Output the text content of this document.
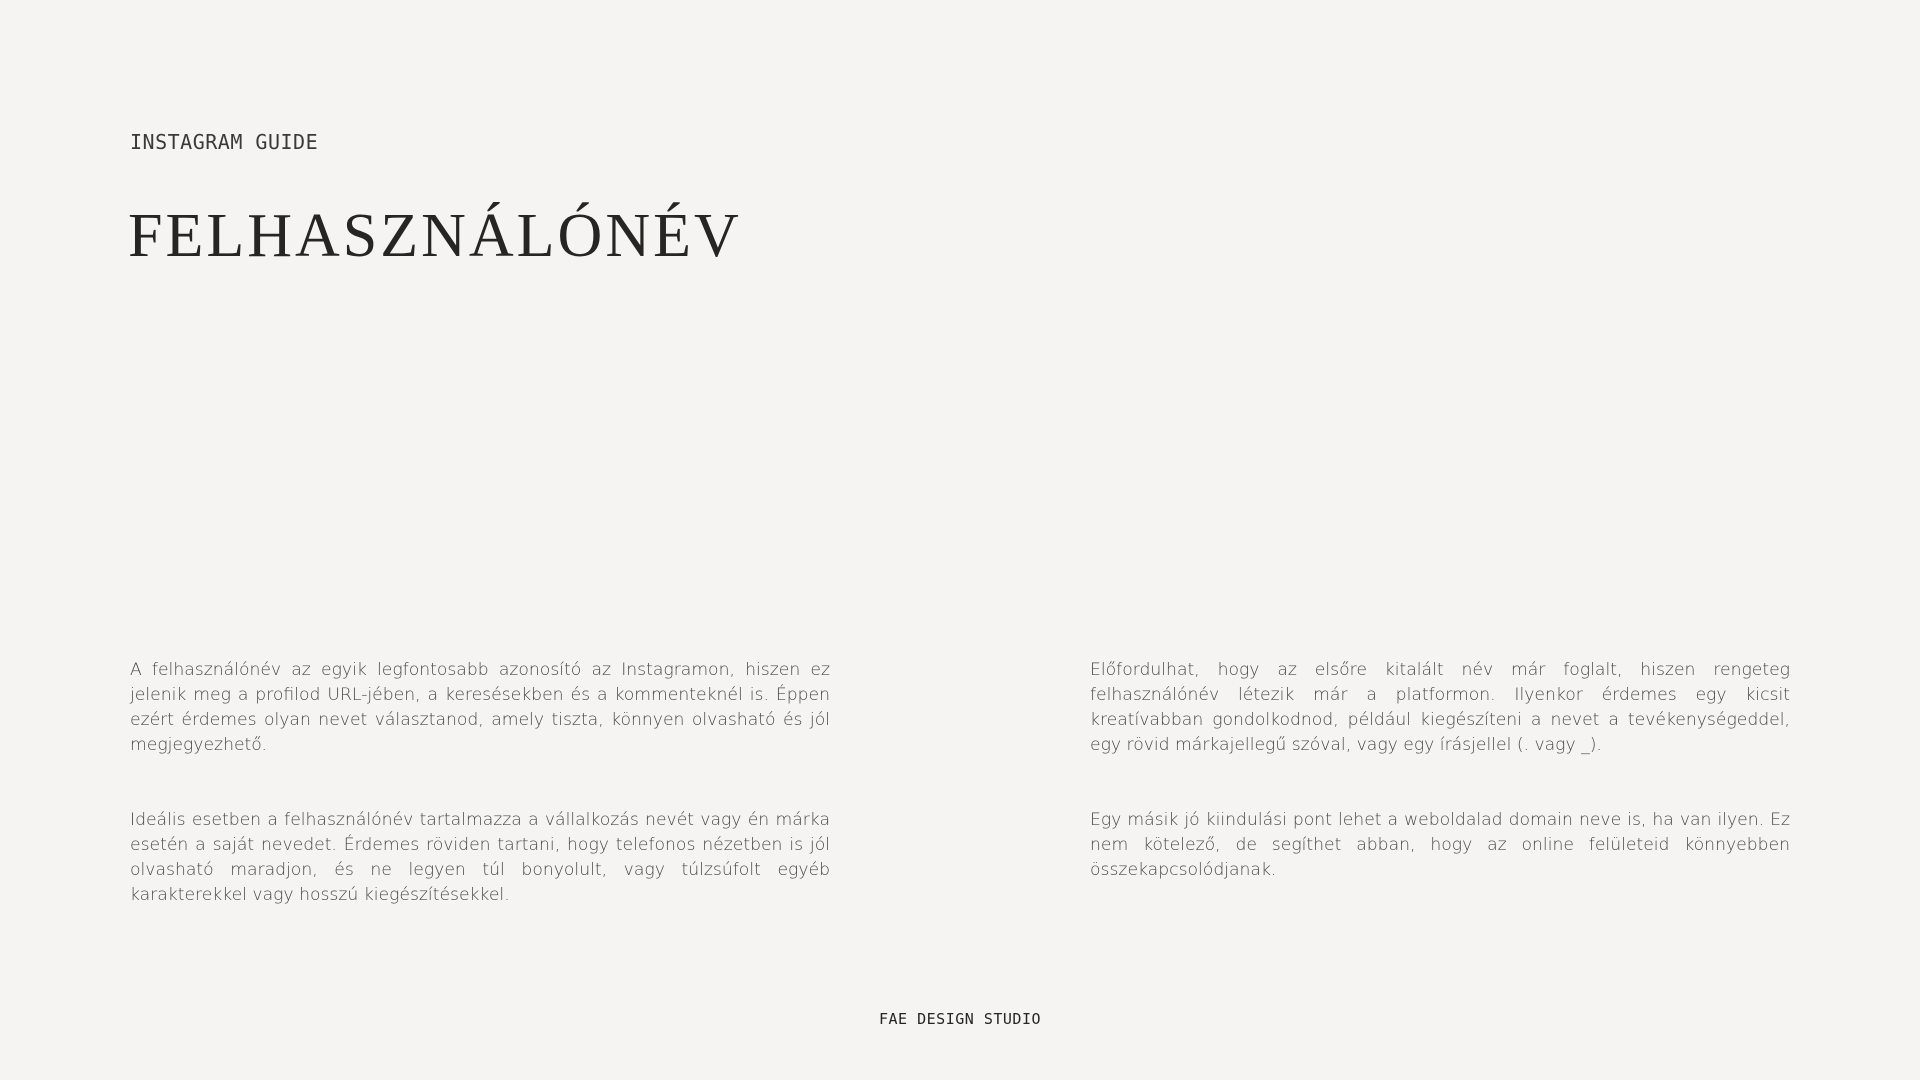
INSTAGRAM GUIDE
FELHASZNÁLÓNÉV

A felhasználónév az egyik legfontosabb azonosító az Instagramon, hiszen ez jelenik meg a profilod URL-jében, a keresésekben és a kommenteknél is. Éppen ezért érdemes olyan nevet választanod, amely tiszta, könnyen olvasható és jól megjegyezhető.

Ideális esetben a felhasználónév tartalmazza a vállalkozás nevét vagy én márka esetén a saját nevedet. Érdemes röviden tartani, hogy telefonos nézetben is jól olvasható maradjon, és ne legyen túl bonyolult, vagy túlzsúfolt egyéb karakterekkel vagy hosszú kiegészítésekkel.

Előfordulhat, hogy az elsőre kitalált név már foglalt, hiszen rengeteg felhasználónév létezik már a platformon. Ilyenkor érdemes egy kicsit kreatívabban gondolkodnod, például kiegészíteni a nevet a tevékenységeddel, egy rövid márkajellegű szóval, vagy egy írásjellel (. vagy _).

Egy másik jó kiindulási pont lehet a weboldalad domain neve is, ha van ilyen. Ez nem kötelező, de segíthet abban, hogy az online felületeid könnyebben összekapcsolódjanak.

FAE DESIGN STUDIO
